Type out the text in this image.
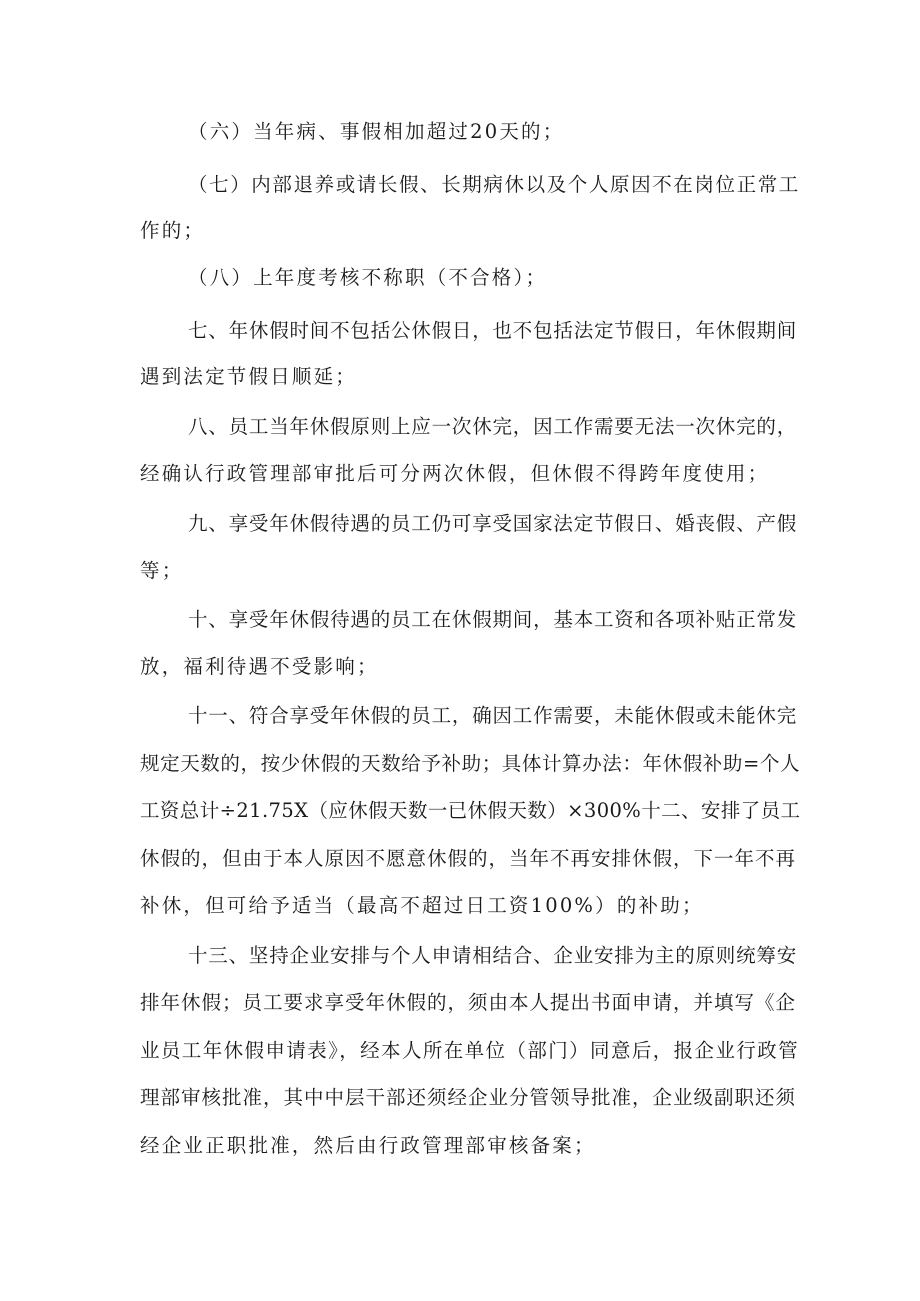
（六）当年病、事假相加超过20天的；
（七）内部退养或请长假、长期病休以及个人原因不在岗位正常工
作的；
（八）上年度考核不称职（不合格）；
七、年休假时间不包括公休假日，也不包括法定节假日，年休假期间
遇到法定节假日顺延；
八、员工当年休假原则上应一次休完，因工作需要无法一次休完的，
经确认行政管理部审批后可分两次休假，但休假不得跨年度使用；
九、享受年休假待遇的员工仍可享受国家法定节假日、婚丧假、产假
等；
十、享受年休假待遇的员工在休假期间，基本工资和各项补贴正常发
放，福利待遇不受影响；
十一、符合享受年休假的员工，确因工作需要，未能休假或未能休完
规定天数的，按少休假的天数给予补助；具体计算办法：年休假补助=个人
工资总计÷21.75X（应休假天数一已休假天数）×300%十二、安排了员工
休假的，但由于本人原因不愿意休假的，当年不再安排休假，下一年不再
补休，但可给予适当（最高不超过日工资100%）的补助；
十三、坚持企业安排与个人申请相结合、企业安排为主的原则统筹安
排年休假；员工要求享受年休假的，须由本人提出书面申请，并填写《企
业员工年休假申请表》，经本人所在单位（部门）同意后，报企业行政管
理部审核批准，其中中层干部还须经企业分管领导批准，企业级副职还须
经企业正职批准，然后由行政管理部审核备案；
